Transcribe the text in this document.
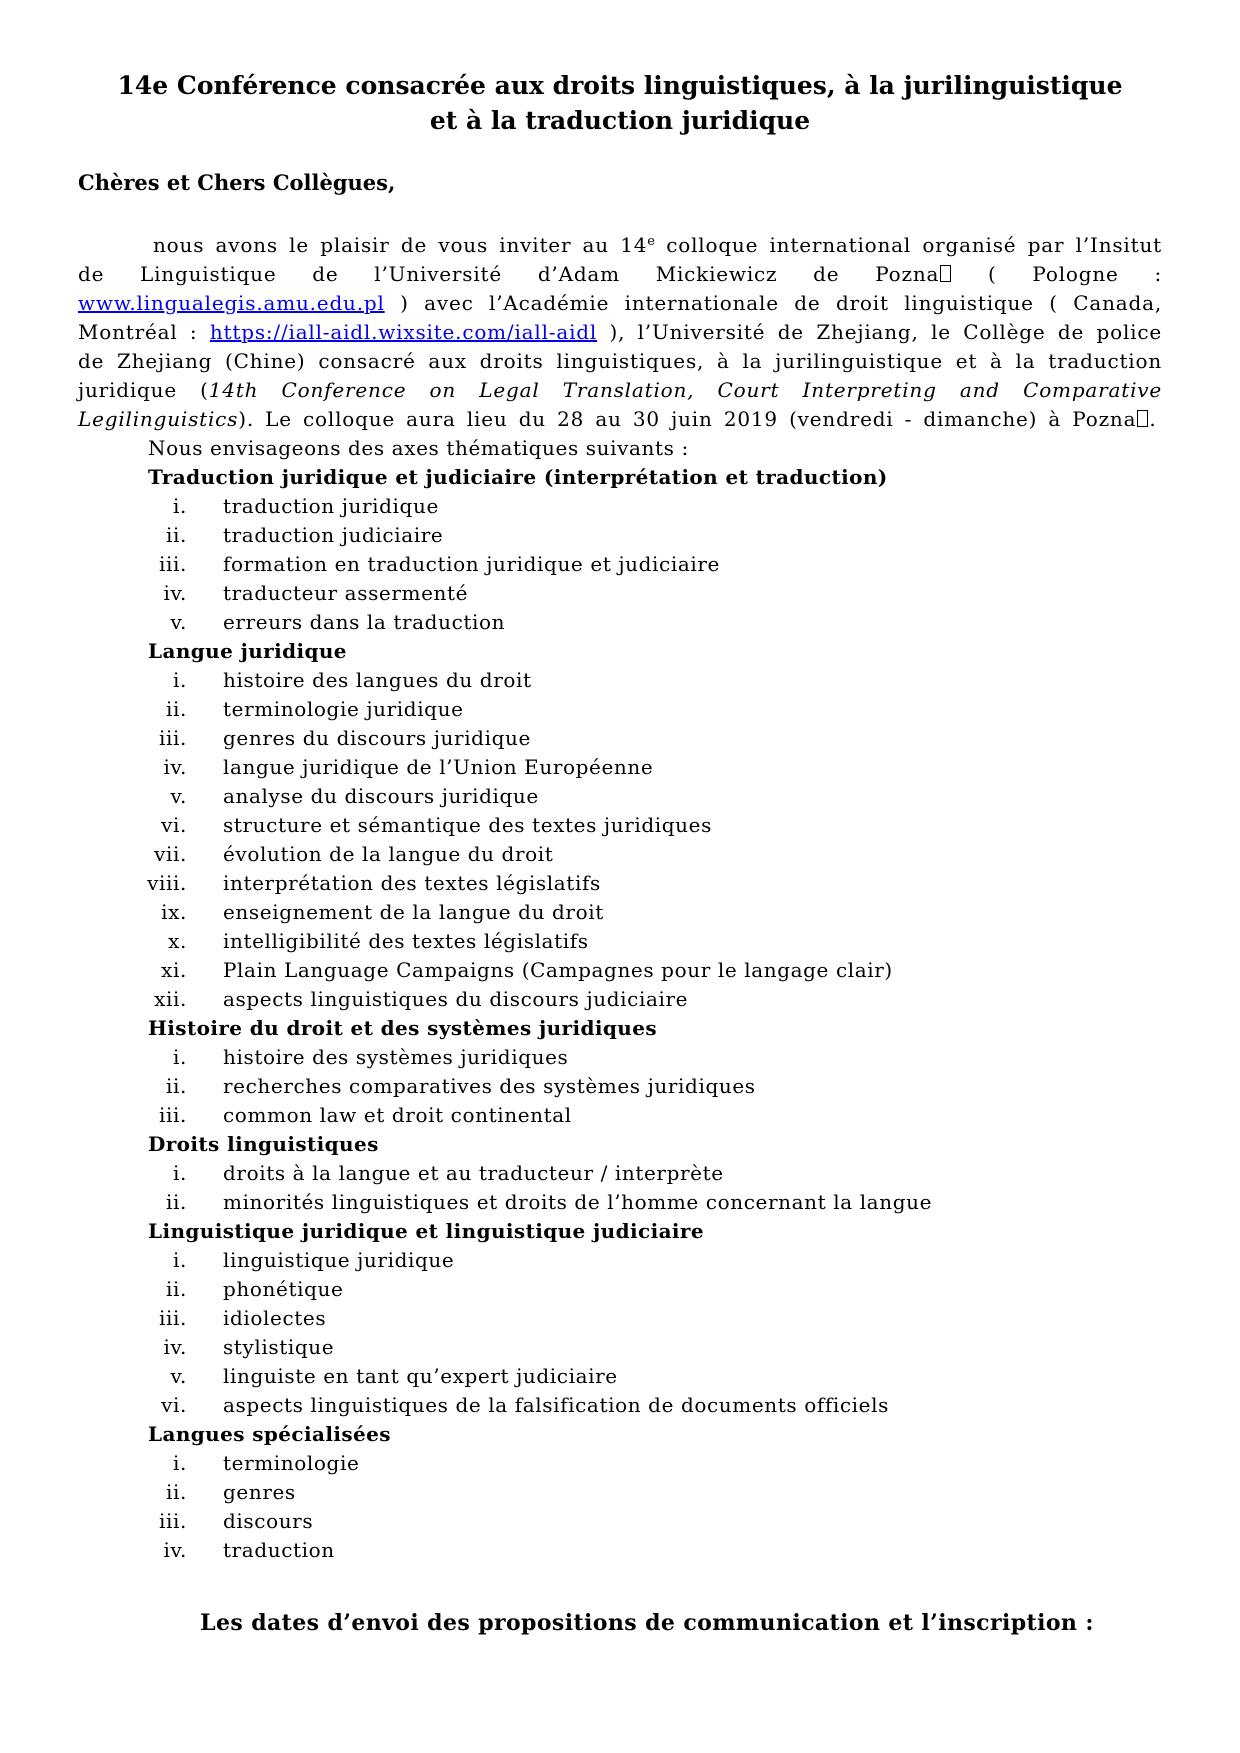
14e Conférence consacrée aux droits linguistiques, à la jurilinguistique
et à la traduction juridique

Chères et Chers Collègues,

nous avons le plaisir de vous inviter au 14e colloque international organisé par l’Insitut de Linguistique de l’Université d’Adam Mickiewicz de Pozna ( Pologne : www.lingualegis.amu.edu.pl ) avec l’Académie internationale de droit linguistique ( Canada, Montréal : https://iall-aidl.wixsite.com/iall-aidl ), l’Université de Zhejiang, le Collège de police de Zhejiang (Chine) consacré aux droits linguistiques, à la jurilinguistique et à la traduction juridique (14th Conference on Legal Translation, Court Interpreting and Comparative Legilinguistics). Le colloque aura lieu du 28 au 30 juin 2019 (vendredi - dimanche) à Pozna .

Nous envisageons des axes thématiques suivants :

Traduction juridique et judiciaire (interprétation et traduction)

i.	traduction juridique
ii.	traduction judiciaire
iii.	formation en traduction juridique et judiciaire
iv.	traducteur assermenté
v.	erreurs dans la traduction

Langue juridique

i.	histoire des langues du droit
ii.	terminologie juridique
iii.	genres du discours juridique
iv.	langue juridique de l’Union Européenne
v.	analyse du discours juridique
vi.	structure et sémantique des textes juridiques
vii.	évolution de la langue du droit
viii.	interprétation des textes législatifs
ix.	enseignement de la langue du droit
x.	intelligibilité des textes législatifs
xi.	Plain Language Campaigns (Campagnes pour le langage clair)
xii.	aspects linguistiques du discours judiciaire

Histoire du droit et des systèmes juridiques

i.	histoire des systèmes juridiques
ii.	recherches comparatives des systèmes juridiques
iii.	common law et droit continental

Droits linguistiques

i.	droits à la langue et au traducteur / interprète
ii.	minorités linguistiques et droits de l’homme concernant la langue

Linguistique juridique et linguistique judiciaire

i.	linguistique juridique
ii.	phonétique
iii.	idiolectes
iv.	stylistique
v.	linguiste en tant qu’expert judiciaire
vi.	aspects linguistiques de la falsification de documents officiels

Langues spécialisées

i.	terminologie
ii.	genres
iii.	discours
iv.	traduction

Les dates d’envoi des propositions de communication et l’inscription :
